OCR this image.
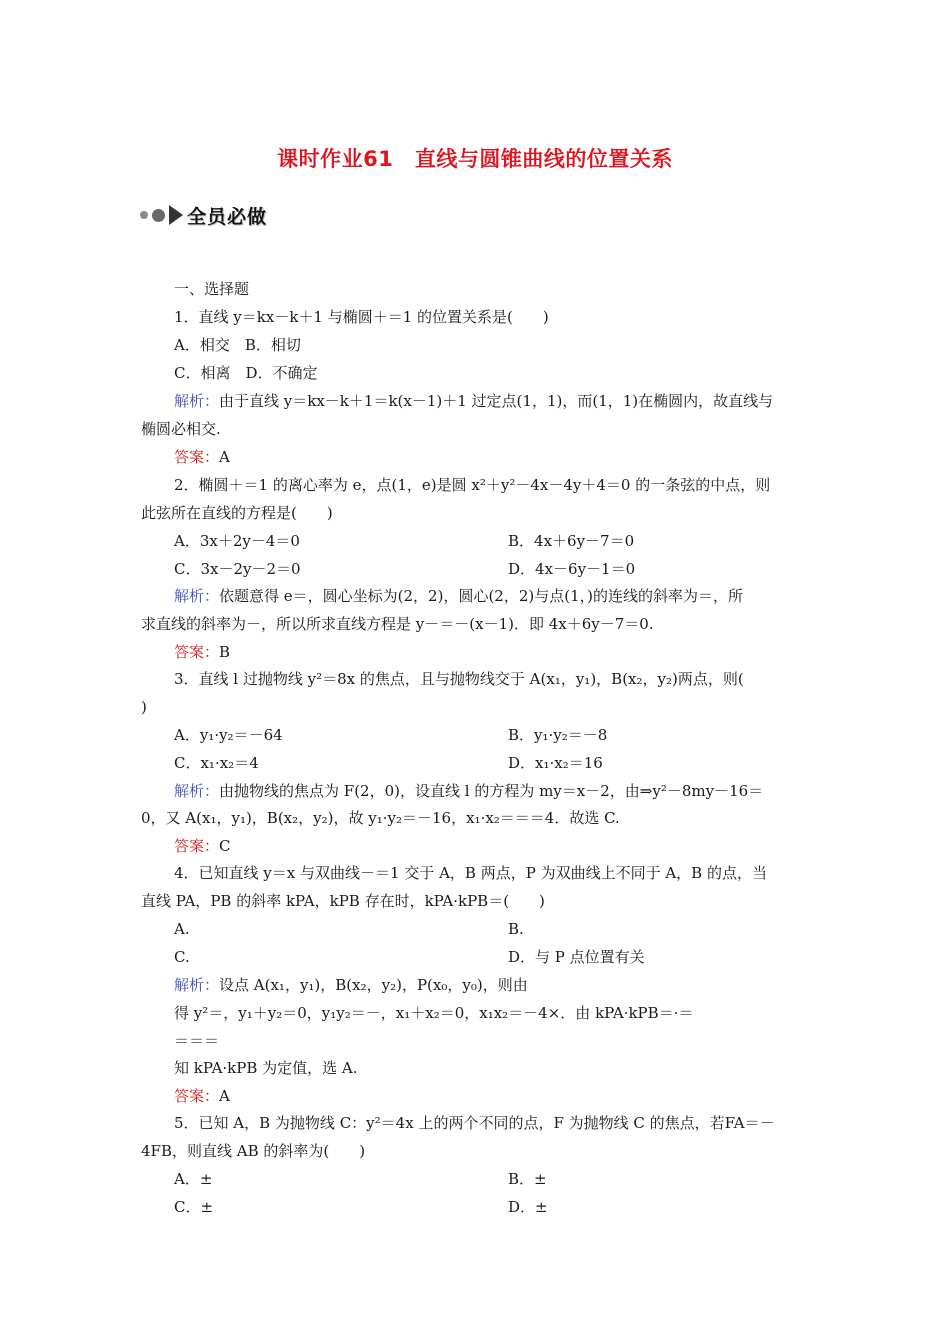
课时作业61　直线与圆锥曲线的位置关系
全员必做
一、选择题
1．直线 y＝kx－k＋1 与椭圆＋＝1 的位置关系是(　　)
A．相交　B．相切
C．相离　D．不确定
解析：由于直线 y＝kx－k＋1＝k(x－1)＋1 过定点(1，1)，而(1，1)在椭圆内，故直线与
椭圆必相交.
答案：A
2．椭圆＋＝1 的离心率为 e，点(1，e)是圆 x²＋y²－4x－4y＋4＝0 的一条弦的中点，则
此弦所在直线的方程是(　　)
A．3x＋2y－4＝0	B．4x＋6y－7＝0
C．3x－2y－2＝0	D．4x－6y－1＝0
解析：依题意得 e＝，圆心坐标为(2，2)，圆心(2，2)与点(1，)的连线的斜率为＝，所
求直线的斜率为－，所以所求直线方程是 y－＝－(x－1)．即 4x＋6y－7＝0.
答案：B
3．直线 l 过抛物线 y²＝8x 的焦点，且与抛物线交于 A(x₁，y₁)，B(x₂，y₂)两点，则(
)
A．y₁·y₂＝－64	B．y₁·y₂＝－8
C．x₁·x₂＝4	D．x₁·x₂＝16
解析：由抛物线的焦点为 F(2，0)，设直线 l 的方程为 my＝x－2，由⇒y²－8my－16＝
0，又 A(x₁，y₁)，B(x₂，y₂)，故 y₁·y₂＝－16，x₁·x₂＝＝＝4．故选 C.
答案：C
4．已知直线 y＝x 与双曲线－＝1 交于 A，B 两点，P 为双曲线上不同于 A，B 的点，当
直线 PA，PB 的斜率 kPA，kPB 存在时，kPA·kPB＝(　　)
A.	B.
C.	D．与 P 点位置有关
解析：设点 A(x₁，y₁)，B(x₂，y₂)，P(x₀，y₀)，则由
得 y²＝，y₁＋y₂＝0，y₁y₂＝－，x₁＋x₂＝0，x₁x₂＝－4×．由 kPA·kPB＝·＝
＝＝＝
知 kPA·kPB 为定值，选 A.
答案：A
5．已知 A，B 为抛物线 C：y²＝4x 上的两个不同的点，F 为抛物线 C 的焦点，若FA＝－
4FB，则直线 AB 的斜率为(　　)
A．±	B．±
C．±	D．±
